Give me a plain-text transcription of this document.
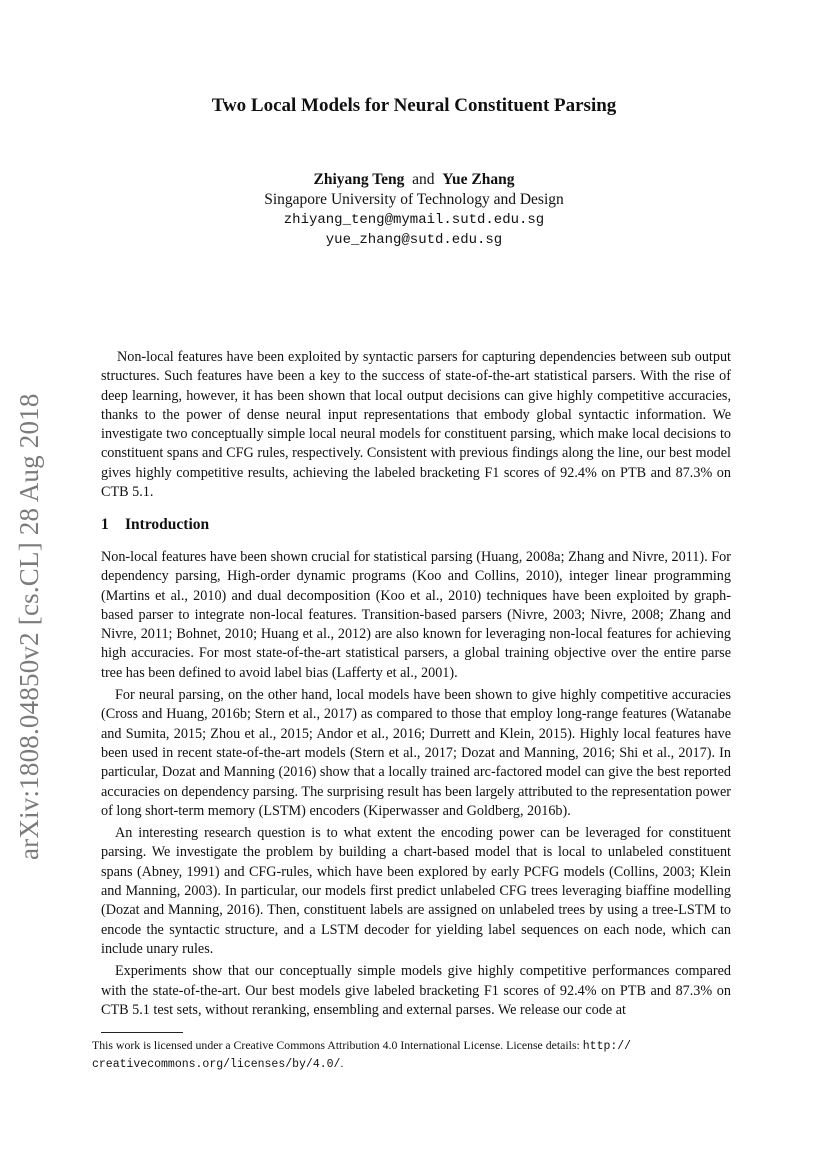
arXiv:1808.04850v2 [cs.CL] 28 Aug 2018
Two Local Models for Neural Constituent Parsing
Zhiyang Teng and Yue Zhang
Singapore University of Technology and Design
zhiyang_teng@mymail.sutd.edu.sg
yue_zhang@sutd.edu.sg
Non-local features have been exploited by syntactic parsers for capturing dependencies between sub output structures. Such features have been a key to the success of state-of-the-art statistical parsers. With the rise of deep learning, however, it has been shown that local output decisions can give highly competitive accuracies, thanks to the power of dense neural input representations that embody global syntactic information. We investigate two conceptually simple local neural models for constituent parsing, which make local decisions to constituent spans and CFG rules, respectively. Consistent with previous findings along the line, our best model gives highly competitive results, achieving the labeled bracketing F1 scores of 92.4% on PTB and 87.3% on CTB 5.1.
1 Introduction

Non-local features have been shown crucial for statistical parsing (Huang, 2008a; Zhang and Nivre, 2011). For dependency parsing, High-order dynamic programs (Koo and Collins, 2010), integer linear programming (Martins et al., 2010) and dual decomposition (Koo et al., 2010) techniques have been exploited by graph-based parser to integrate non-local features. Transition-based parsers (Nivre, 2003; Nivre, 2008; Zhang and Nivre, 2011; Bohnet, 2010; Huang et al., 2012) are also known for leveraging non-local features for achieving high accuracies. For most state-of-the-art statistical parsers, a global training objective over the entire parse tree has been defined to avoid label bias (Lafferty et al., 2001).

For neural parsing, on the other hand, local models have been shown to give highly competitive accuracies (Cross and Huang, 2016b; Stern et al., 2017) as compared to those that employ long-range features (Watanabe and Sumita, 2015; Zhou et al., 2015; Andor et al., 2016; Durrett and Klein, 2015). Highly local features have been used in recent state-of-the-art models (Stern et al., 2017; Dozat and Manning, 2016; Shi et al., 2017). In particular, Dozat and Manning (2016) show that a locally trained arc-factored model can give the best reported accuracies on dependency parsing. The surprising result has been largely attributed to the representation power of long short-term memory (LSTM) encoders (Kiperwasser and Goldberg, 2016b).

An interesting research question is to what extent the encoding power can be leveraged for constituent parsing. We investigate the problem by building a chart-based model that is local to unlabeled constituent spans (Abney, 1991) and CFG-rules, which have been explored by early PCFG models (Collins, 2003; Klein and Manning, 2003). In particular, our models first predict unlabeled CFG trees leveraging biaffine modelling (Dozat and Manning, 2016). Then, constituent labels are assigned on unlabeled trees by using a tree-LSTM to encode the syntactic structure, and a LSTM decoder for yielding label sequences on each node, which can include unary rules.

Experiments show that our conceptually simple models give highly competitive performances compared with the state-of-the-art. Our best models give labeled bracketing F1 scores of 92.4% on PTB and 87.3% on CTB 5.1 test sets, without reranking, ensembling and external parses. We release our code at

This work is licensed under a Creative Commons Attribution 4.0 International License. License details: http://
creativecommons.org/licenses/by/4.0/.
